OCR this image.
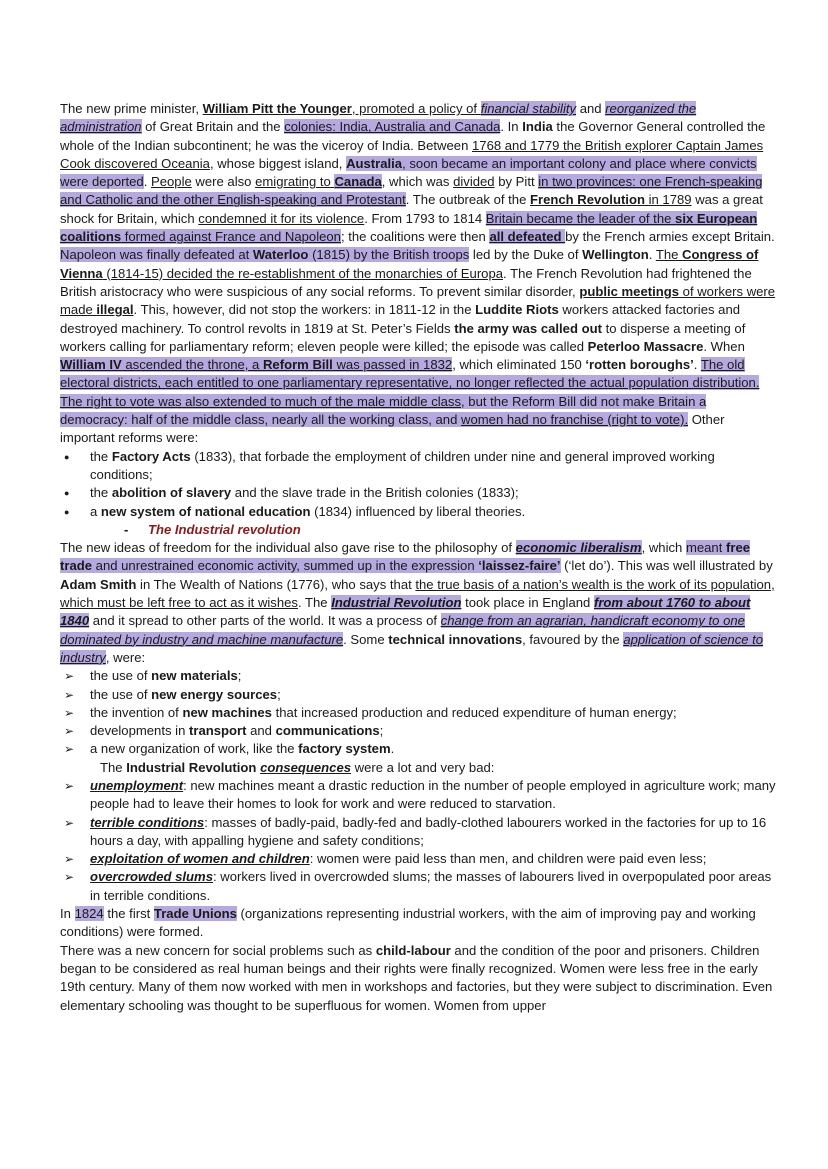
The new prime minister, William Pitt the Younger, promoted a policy of financial stability and reorganized the administration of Great Britain and the colonies: India, Australia and Canada. In India the Governor General controlled the whole of the Indian subcontinent; he was the viceroy of India. Between 1768 and 1779 the British explorer Captain James Cook discovered Oceania, whose biggest island, Australia, soon became an important colony and place where convicts were deported. People were also emigrating to Canada, which was divided by Pitt in two provinces: one French-speaking and Catholic and the other English-speaking and Protestant. The outbreak of the French Revolution in 1789 was a great shock for Britain, which condemned it for its violence. From 1793 to 1814 Britain became the leader of the six European coalitions formed against France and Napoleon; the coalitions were then all defeated by the French armies except Britain. Napoleon was finally defeated at Waterloo (1815) by the British troops led by the Duke of Wellington. The Congress of Vienna (1814-15) decided the re-establishment of the monarchies of Europa. The French Revolution had frightened the British aristocracy who were suspicious of any social reforms. To prevent similar disorder, public meetings of workers were made illegal. This, however, did not stop the workers: in 1811-12 in the Luddite Riots workers attacked factories and destroyed machinery. To control revolts in 1819 at St. Peter’s Fields the army was called out to disperse a meeting of workers calling for parliamentary reform; eleven people were killed; the episode was called Peterloo Massacre. When William IV ascended the throne, a Reform Bill was passed in 1832, which eliminated 150 ‘rotten boroughs’. The old electoral districts, each entitled to one parliamentary representative, no longer reflected the actual population distribution. The right to vote was also extended to much of the male middle class, but the Reform Bill did not make Britain a democracy: half of the middle class, nearly all the working class, and women had no franchise (right to vote). Other important reforms were:

● the Factory Acts (1833), that forbade the employment of children under nine and general improved working conditions;
● the abolition of slavery and the slave trade in the British colonies (1833);
● a new system of national education (1834) influenced by liberal theories.

- The Industrial revolution

The new ideas of freedom for the individual also gave rise to the philosophy of economic liberalism, which meant free trade and unrestrained economic activity, summed up in the expression ‘laissez-faire’ (‘let do’). This was well illustrated by Adam Smith in The Wealth of Nations (1776), who says that the true basis of a nation’s wealth is the work of its population, which must be left free to act as it wishes. The Industrial Revolution took place in England from about 1760 to about 1840 and it spread to other parts of the world. It was a process of change from an agrarian, handicraft economy to one dominated by industry and machine manufacture. Some technical innovations, favoured by the application of science to industry, were:

➢ the use of new materials;
➢ the use of new energy sources;
➢ the invention of new machines that increased production and reduced expenditure of human energy;
➢ developments in transport and communications;
➢ a new organization of work, like the factory system.

The Industrial Revolution consequences were a lot and very bad:

➢ unemployment: new machines meant a drastic reduction in the number of people employed in agriculture work; many people had to leave their homes to look for work and were reduced to starvation.
➢ terrible conditions: masses of badly-paid, badly-fed and badly-clothed labourers worked in the factories for up to 16 hours a day, with appalling hygiene and safety conditions;
➢ exploitation of women and children: women were paid less than men, and children were paid even less;
➢ overcrowded slums: workers lived in overcrowded slums; the masses of labourers lived in overpopulated poor areas in terrible conditions.

In 1824 the first Trade Unions (organizations representing industrial workers, with the aim of improving pay and working conditions) were formed.

There was a new concern for social problems such as child-labour and the condition of the poor and prisoners. Children began to be considered as real human beings and their rights were finally recognized. Women were less free in the early 19th century. Many of them now worked with men in workshops and factories, but they were subject to discrimination. Even elementary schooling was thought to be superfluous for women. Women from upper
